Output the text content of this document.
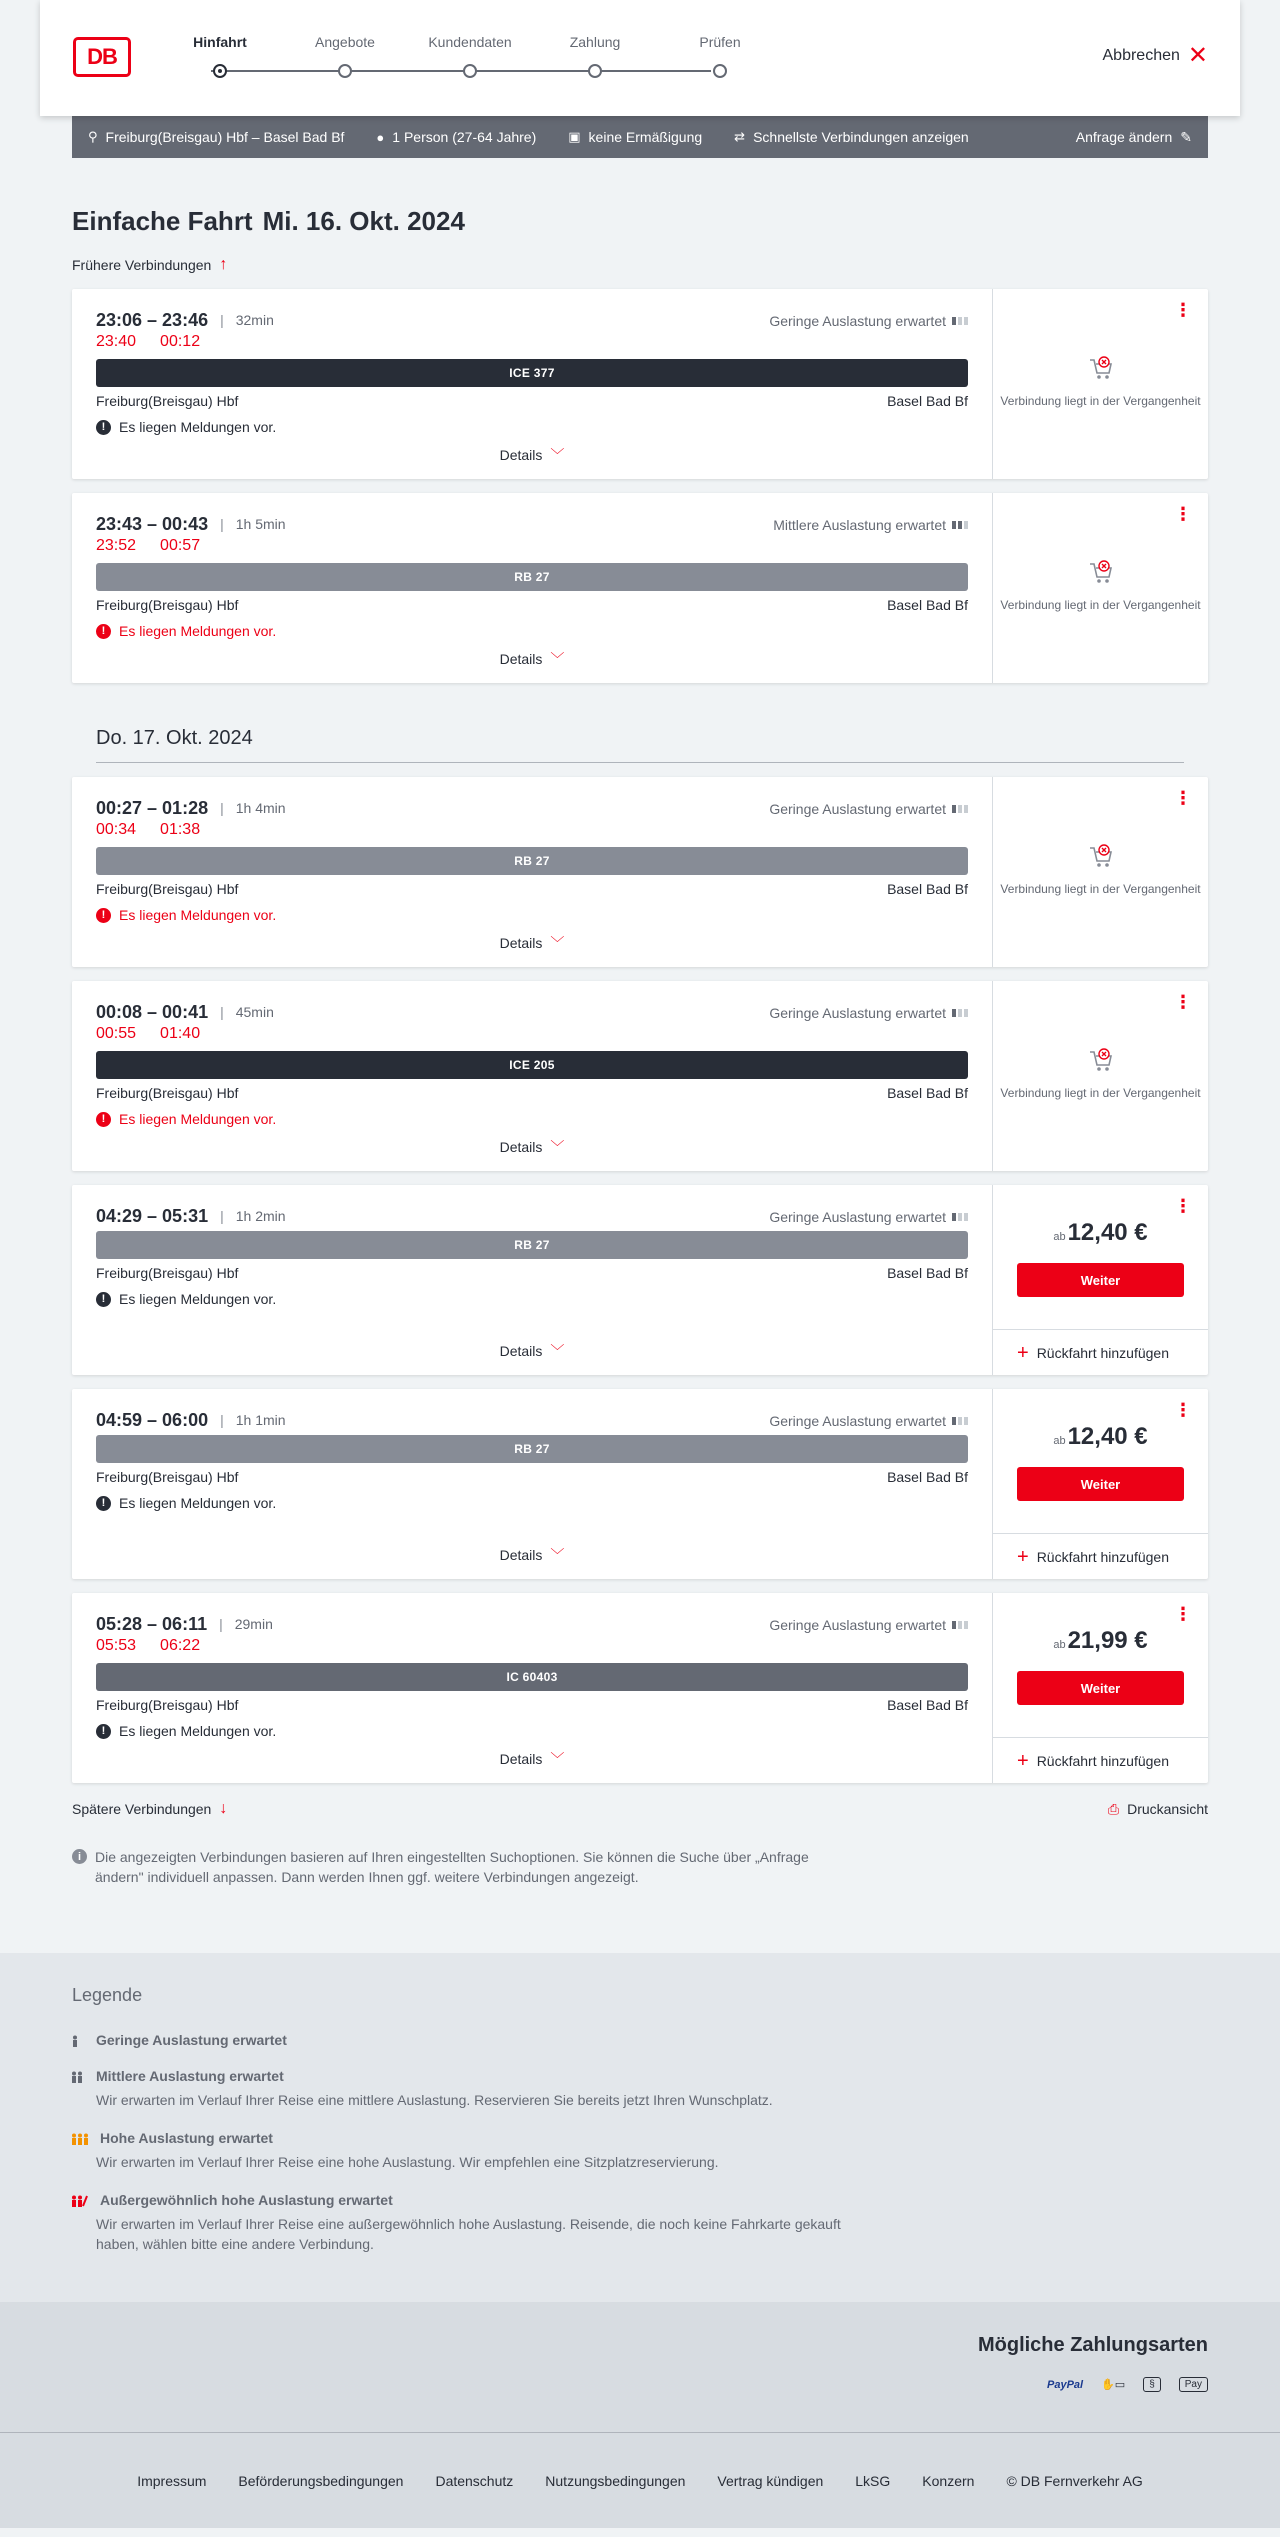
DB
Hinfahrt	Angebote	Kundendaten	Zahlung	Prüfen
Abbrechen ✕
⚲ Freiburg(Breisgau) Hbf – Basel Bad Bf ● 1 Person (27-64 Jahre) ▣ keine Ermäßigung ⇄ Schnellste Verbindungen anzeigen	Anfrage ändern ✎
Einfache Fahrt Mi. 16. Okt. 2024
Frühere Verbindungen ↑
23:06 – 23:46 | 32min	Geringe Auslastung erwartet
23:40 00:12
ICE 377
Freiburg(Breisgau) Hbf	Basel Bad Bf
! Es liegen Meldungen vor.
Details ﹀
⋮
Verbindung liegt in der Vergangenheit
23:43 – 00:43 | 1h 5min	Mittlere Auslastung erwartet
23:52 00:57
RB 27
Freiburg(Breisgau) Hbf	Basel Bad Bf
! Es liegen Meldungen vor.
Details ﹀
⋮
Verbindung liegt in der Vergangenheit
Do. 17. Okt. 2024
00:27 – 01:28 | 1h 4min	Geringe Auslastung erwartet
00:34 01:38
RB 27
Freiburg(Breisgau) Hbf	Basel Bad Bf
! Es liegen Meldungen vor.
Details ﹀
⋮
Verbindung liegt in der Vergangenheit
00:08 – 00:41 | 45min	Geringe Auslastung erwartet
00:55 01:40
ICE 205
Freiburg(Breisgau) Hbf	Basel Bad Bf
! Es liegen Meldungen vor.
Details ﹀
⋮
Verbindung liegt in der Vergangenheit
04:29 – 05:31 | 1h 2min	Geringe Auslastung erwartet
RB 27
Freiburg(Breisgau) Hbf	Basel Bad Bf
! Es liegen Meldungen vor.
Details ﹀
⋮
ab12,40 €
Weiter
+ Rückfahrt hinzufügen
04:59 – 06:00 | 1h 1min	Geringe Auslastung erwartet
RB 27
Freiburg(Breisgau) Hbf	Basel Bad Bf
! Es liegen Meldungen vor.
Details ﹀
⋮
ab12,40 €
Weiter
+ Rückfahrt hinzufügen
05:28 – 06:11 | 29min	Geringe Auslastung erwartet
05:53 06:22
IC 60403
Freiburg(Breisgau) Hbf	Basel Bad Bf
! Es liegen Meldungen vor.
Details ﹀
⋮
ab21,99 €
Weiter
+ Rückfahrt hinzufügen
Spätere Verbindungen ↓	⎙ Druckansicht
i Die angezeigten Verbindungen basieren auf Ihren eingestellten Suchoptionen. Sie können die Suche über „Anfrage ändern" individuell anpassen. Dann werden Ihnen ggf. weitere Verbindungen angezeigt.
Legende
Geringe Auslastung erwartet
Mittlere Auslastung erwartet
Wir erwarten im Verlauf Ihrer Reise eine mittlere Auslastung. Reservieren Sie bereits jetzt Ihren Wunschplatz.
Hohe Auslastung erwartet
Wir erwarten im Verlauf Ihrer Reise eine hohe Auslastung. Wir empfehlen eine Sitzplatzreservierung.
Außergewöhnlich hohe Auslastung erwartet
Wir erwarten im Verlauf Ihrer Reise eine außergewöhnlich hohe Auslastung. Reisende, die noch keine Fahrkarte gekauft haben, wählen bitte eine andere Verbindung.
Mögliche Zahlungsarten
PayPal ✋▭	§	Pay
Impressum Beförderungsbedingungen Datenschutz Nutzungsbedingungen Vertrag kündigen LkSG Konzern © DB Fernverkehr AG
